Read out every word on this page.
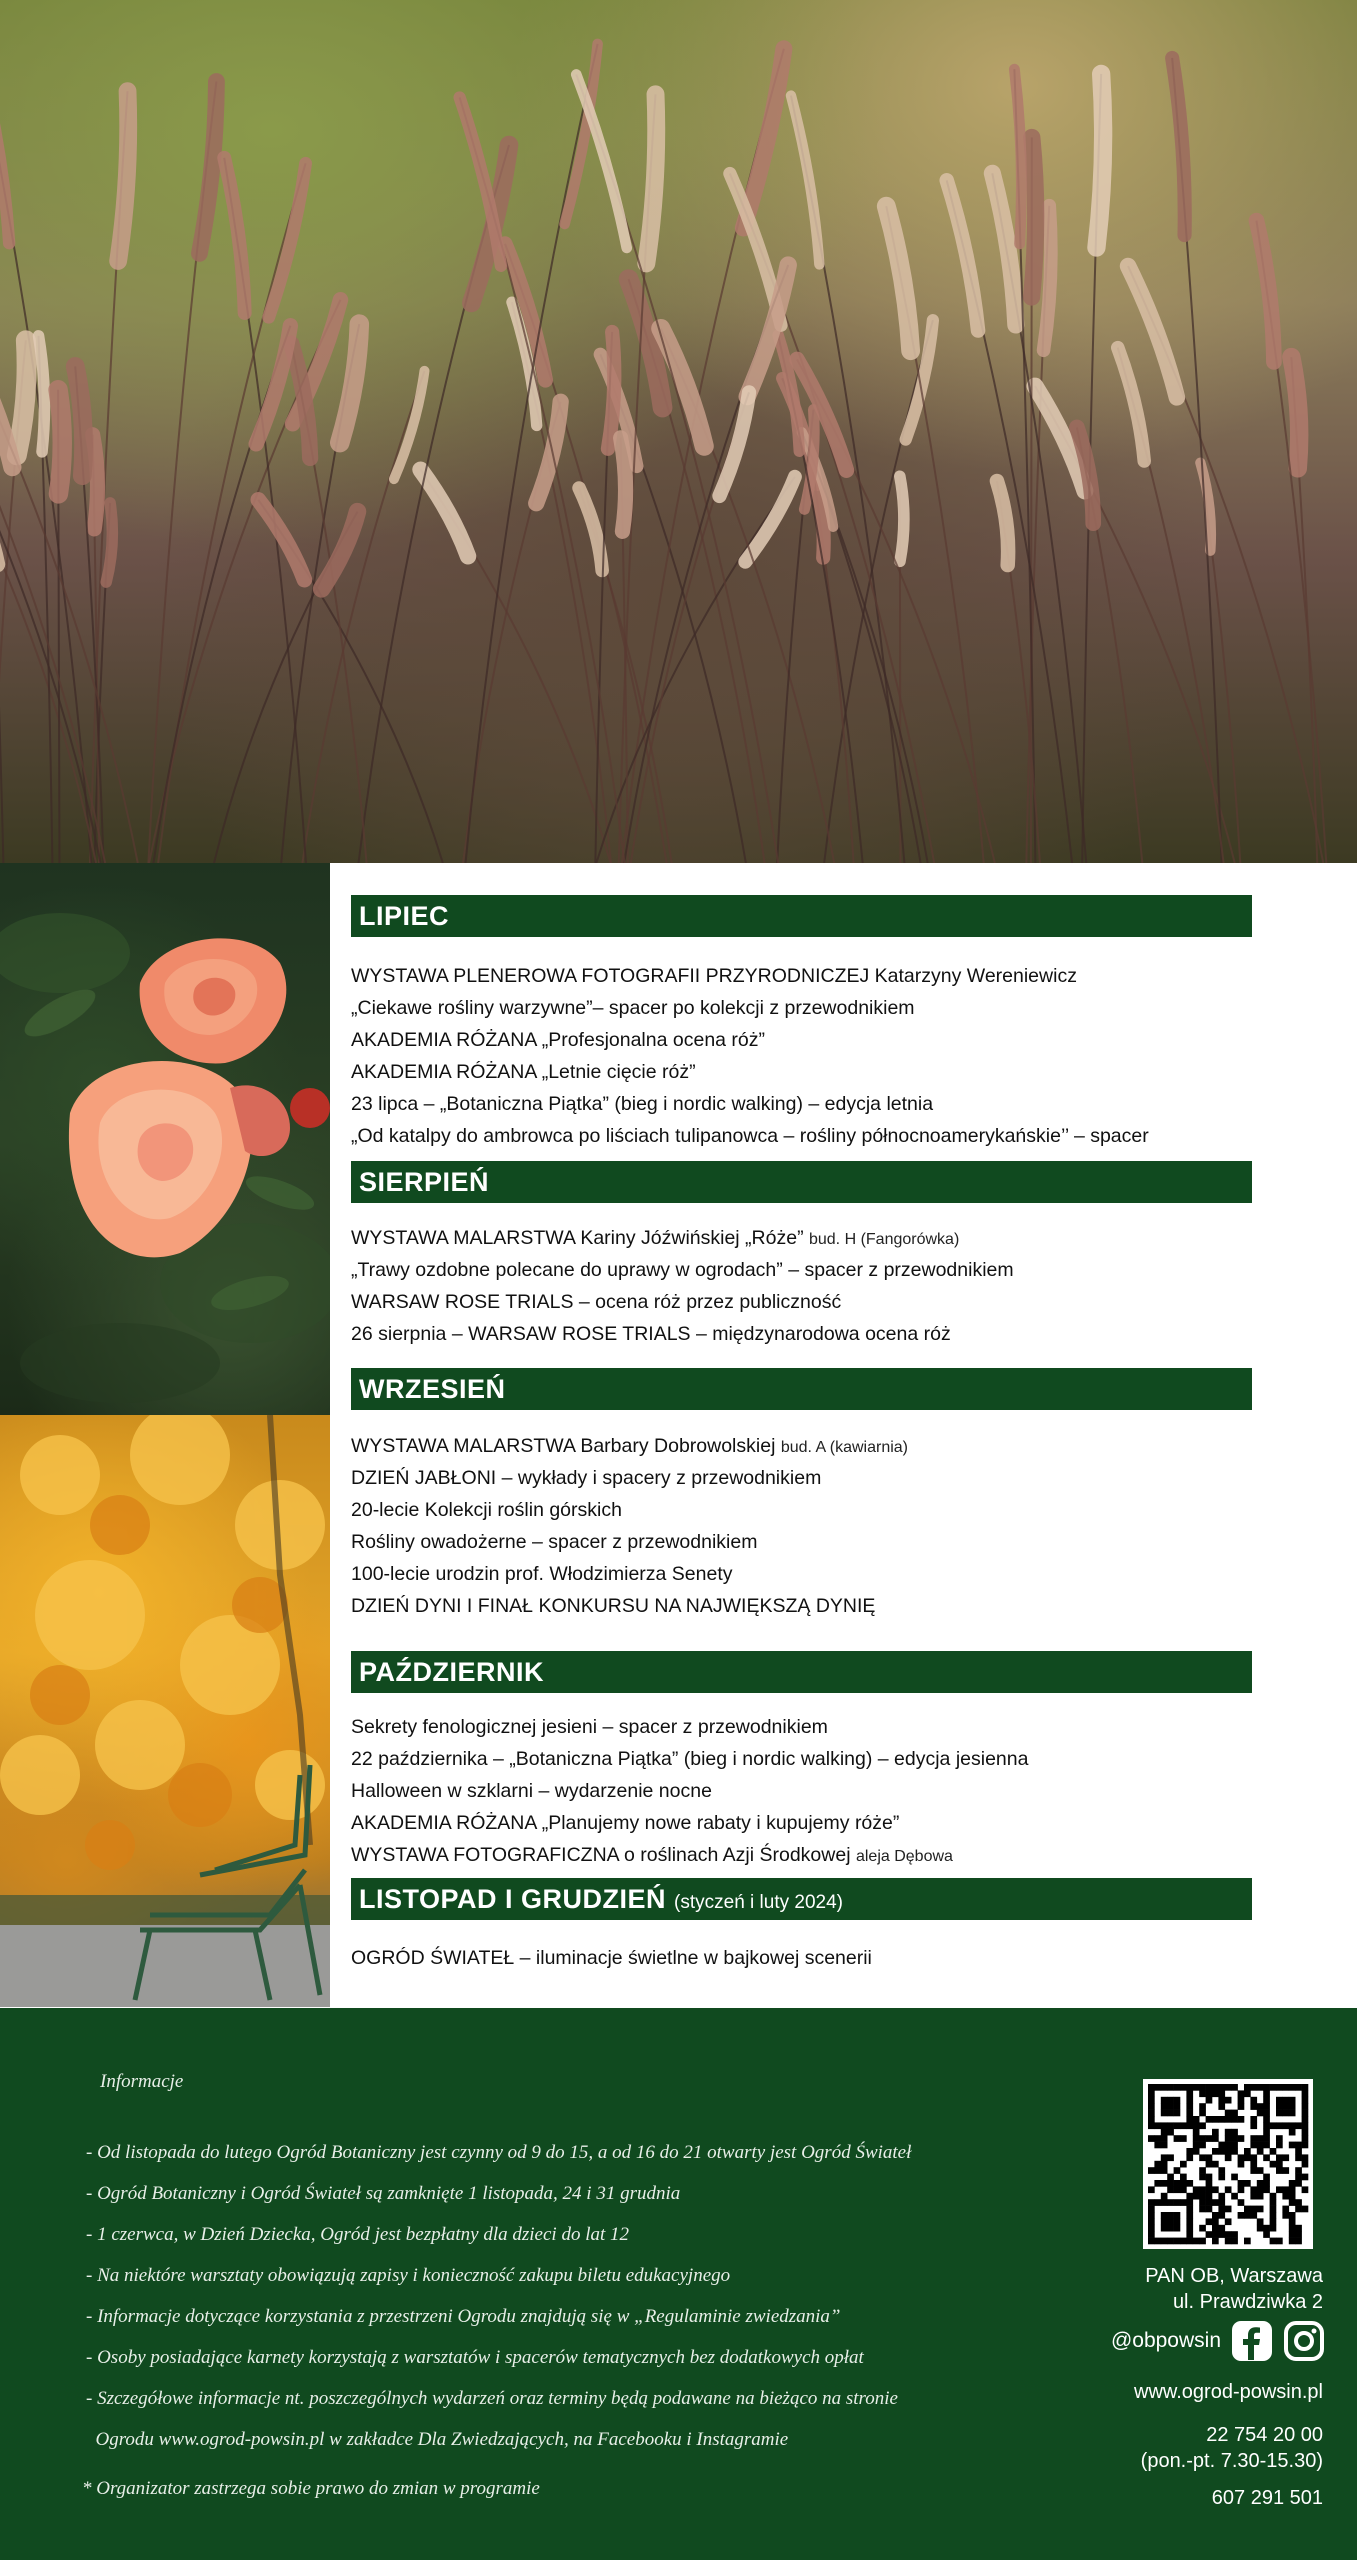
LIPIEC
WYSTAWA PLENEROWA FOTOGRAFII PRZYRODNICZEJ Katarzyny Wereniewicz
„Ciekawe rośliny warzywne”– spacer po kolekcji z przewodnikiem
AKADEMIA RÓŻANA „Profesjonalna ocena róż”
AKADEMIA RÓŻANA „Letnie cięcie róż”
23 lipca – „Botaniczna Piątka” (bieg i nordic walking) – edycja letnia
„Od katalpy do ambrowca po liściach tulipanowca – rośliny północnoamerykańskie’’ – spacer
SIERPIEŃ
WYSTAWA MALARSTWA Kariny Jóźwińskiej „Róże” bud. H (Fangorówka)
„Trawy ozdobne polecane do uprawy w ogrodach” – spacer z przewodnikiem
WARSAW ROSE TRIALS – ocena róż przez publiczność
26 sierpnia – WARSAW ROSE TRIALS – międzynarodowa ocena róż
WRZESIEŃ
WYSTAWA MALARSTWA Barbary Dobrowolskiej bud. A (kawiarnia)
DZIEŃ JABŁONI – wykłady i spacery z przewodnikiem
20-lecie Kolekcji roślin górskich
Rośliny owadożerne – spacer z przewodnikiem
100-lecie urodzin prof. Włodzimierza Senety
DZIEŃ DYNI I FINAŁ KONKURSU NA NAJWIĘKSZĄ DYNIĘ
PAŹDZIERNIK
Sekrety fenologicznej jesieni – spacer z przewodnikiem
22 października – „Botaniczna Piątka” (bieg i nordic walking) – edycja jesienna
Halloween w szklarni – wydarzenie nocne
AKADEMIA RÓŻANA „Planujemy nowe rabaty i kupujemy róże”
WYSTAWA FOTOGRAFICZNA o roślinach Azji Środkowej aleja Dębowa
LISTOPAD I GRUDZIEŃ (styczeń i luty 2024)
OGRÓD ŚWIATEŁ – iluminacje świetlne w bajkowej scenerii
Informacje
- Od listopada do lutego Ogród Botaniczny jest czynny od 9 do 15, a od 16 do 21 otwarty jest Ogród Świateł
- Ogród Botaniczny i Ogród Świateł są zamknięte 1 listopada, 24 i 31 grudnia
- 1 czerwca, w Dzień Dziecka, Ogród jest bezpłatny dla dzieci do lat 12
- Na niektóre warsztaty obowiązują zapisy i konieczność zakupu biletu edukacyjnego
- Informacje dotyczące korzystania z przestrzeni Ogrodu znajdują się w „Regulaminie zwiedzania”
- Osoby posiadające karnety korzystają z warsztatów i spacerów tematycznych bez dodatkowych opłat
- Szczegółowe informacje nt. poszczególnych wydarzeń oraz terminy będą podawane na bieżąco na stronie
Ogrodu www.ogrod-powsin.pl w zakładce Dla Zwiedzających, na Facebooku i Instagramie
* Organizator zastrzega sobie prawo do zmian w programie
PAN OB, Warszawa
ul. Prawdziwka 2
@obpowsin
www.ogrod-powsin.pl
22 754 20 00
(pon.-pt. 7.30-15.30)
607 291 501
